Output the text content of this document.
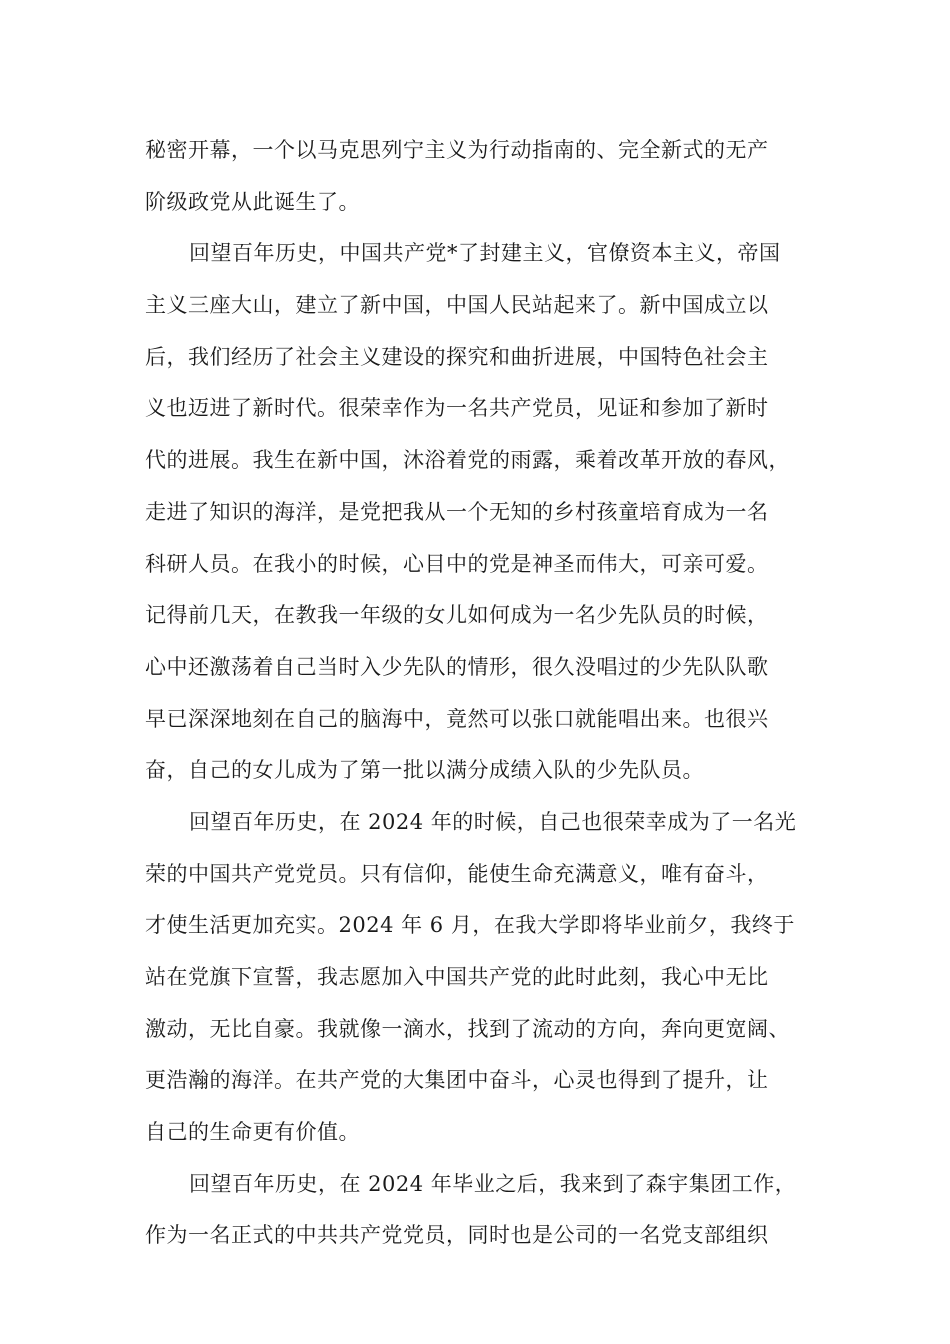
秘密开幕，一个以马克思列宁主义为行动指南的、完全新式的无产
阶级政党从此诞生了。
回望百年历史，中国共产党*了封建主义，官僚资本主义，帝国
主义三座大山，建立了新中国，中国人民站起来了。新中国成立以
后，我们经历了社会主义建设的探究和曲折进展，中国特色社会主
义也迈进了新时代。很荣幸作为一名共产党员，见证和参加了新时
代的进展。我生在新中国，沐浴着党的雨露，乘着改革开放的春风，
走进了知识的海洋，是党把我从一个无知的乡村孩童培育成为一名
科研人员。在我小的时候，心目中的党是神圣而伟大，可亲可爱。
记得前几天，在教我一年级的女儿如何成为一名少先队员的时候，
心中还激荡着自己当时入少先队的情形，很久没唱过的少先队队歌
早已深深地刻在自己的脑海中，竟然可以张口就能唱出来。也很兴
奋，自己的女儿成为了第一批以满分成绩入队的少先队员。
回望百年历史，在 2024 年的时候，自己也很荣幸成为了一名光
荣的中国共产党党员。只有信仰，能使生命充满意义，唯有奋斗，
才使生活更加充实。2024 年 6 月，在我大学即将毕业前夕，我终于
站在党旗下宣誓，我志愿加入中国共产党的此时此刻，我心中无比
激动，无比自豪。我就像一滴水，找到了流动的方向，奔向更宽阔、
更浩瀚的海洋。在共产党的大集团中奋斗，心灵也得到了提升，让
自己的生命更有价值。
回望百年历史，在 2024 年毕业之后，我来到了森宇集团工作，
作为一名正式的中共共产党党员，同时也是公司的一名党支部组织
